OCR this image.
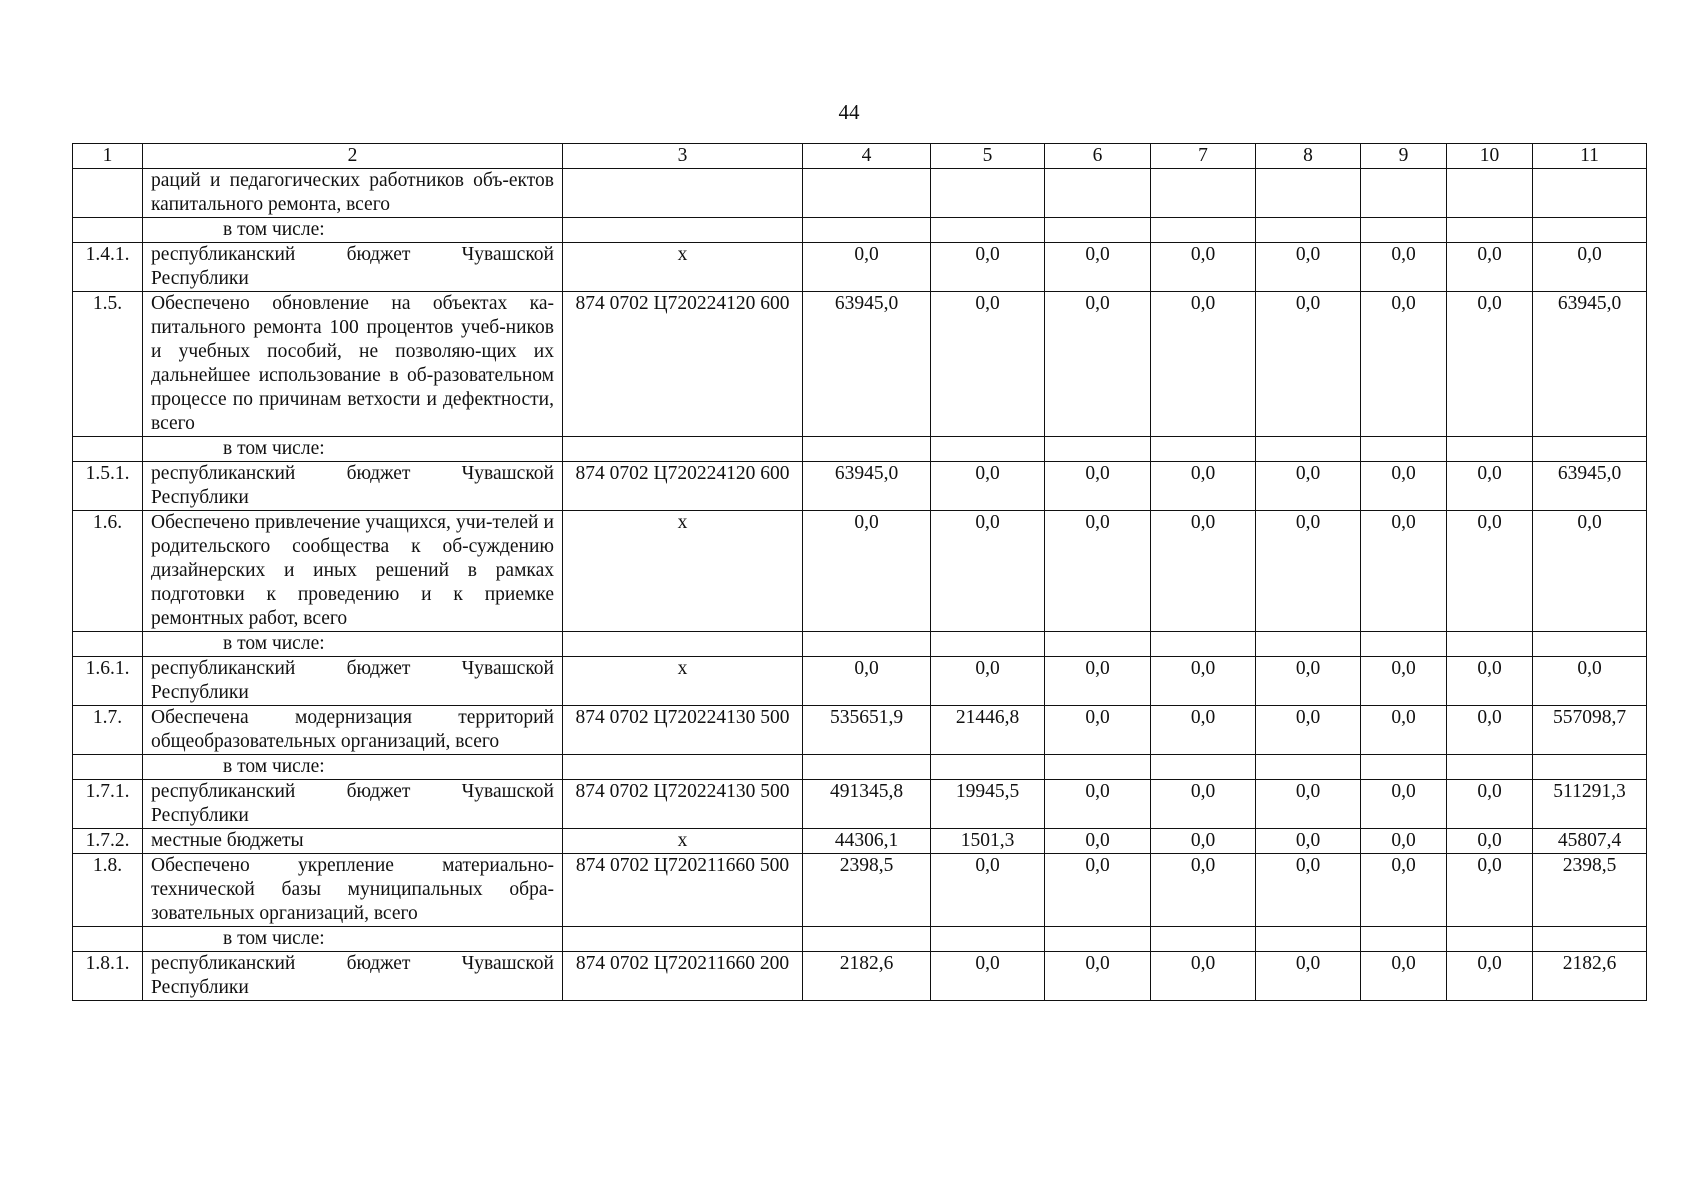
44
1	2	3	4	5	6	7	8	9	10	11
	раций и педагогических работников объ-ектов капитального ремонта, всего									
	в том числе:									
1.4.1.	республиканский бюджет Чувашской Республики	x	0,0	0,0	0,0	0,0	0,0	0,0	0,0	0,0
1.5.	Обеспечено обновление на объектах ка-питального ремонта 100 процентов учеб-ников и учебных пособий, не позволяю-щих их дальнейшее использование в об-разовательном процессе по причинам ветхости и дефектности, всего	874 0702 Ц720224120 600	63945,0	0,0	0,0	0,0	0,0	0,0	0,0	63945,0
	в том числе:									
1.5.1.	республиканский бюджет Чувашской Республики	874 0702 Ц720224120 600	63945,0	0,0	0,0	0,0	0,0	0,0	0,0	63945,0
1.6.	Обеспечено привлечение учащихся, учи-телей и родительского сообщества к об-суждению дизайнерских и иных решений в рамках подготовки к проведению и к приемке ремонтных работ, всего	x	0,0	0,0	0,0	0,0	0,0	0,0	0,0	0,0
	в том числе:									
1.6.1.	республиканский бюджет Чувашской Республики	x	0,0	0,0	0,0	0,0	0,0	0,0	0,0	0,0
1.7.	Обеспечена модернизация территорий общеобразовательных организаций, всего	874 0702 Ц720224130 500	535651,9	21446,8	0,0	0,0	0,0	0,0	0,0	557098,7
	в том числе:									
1.7.1.	республиканский бюджет Чувашской Республики	874 0702 Ц720224130 500	491345,8	19945,5	0,0	0,0	0,0	0,0	0,0	511291,3
1.7.2.	местные бюджеты	x	44306,1	1501,3	0,0	0,0	0,0	0,0	0,0	45807,4
1.8.	Обеспечено укрепление материально-технической базы муниципальных обра-зовательных организаций, всего	874 0702 Ц720211660 500	2398,5	0,0	0,0	0,0	0,0	0,0	0,0	2398,5
	в том числе:									
1.8.1.	республиканский бюджет Чувашской Республики	874 0702 Ц720211660 200	2182,6	0,0	0,0	0,0	0,0	0,0	0,0	2182,6
